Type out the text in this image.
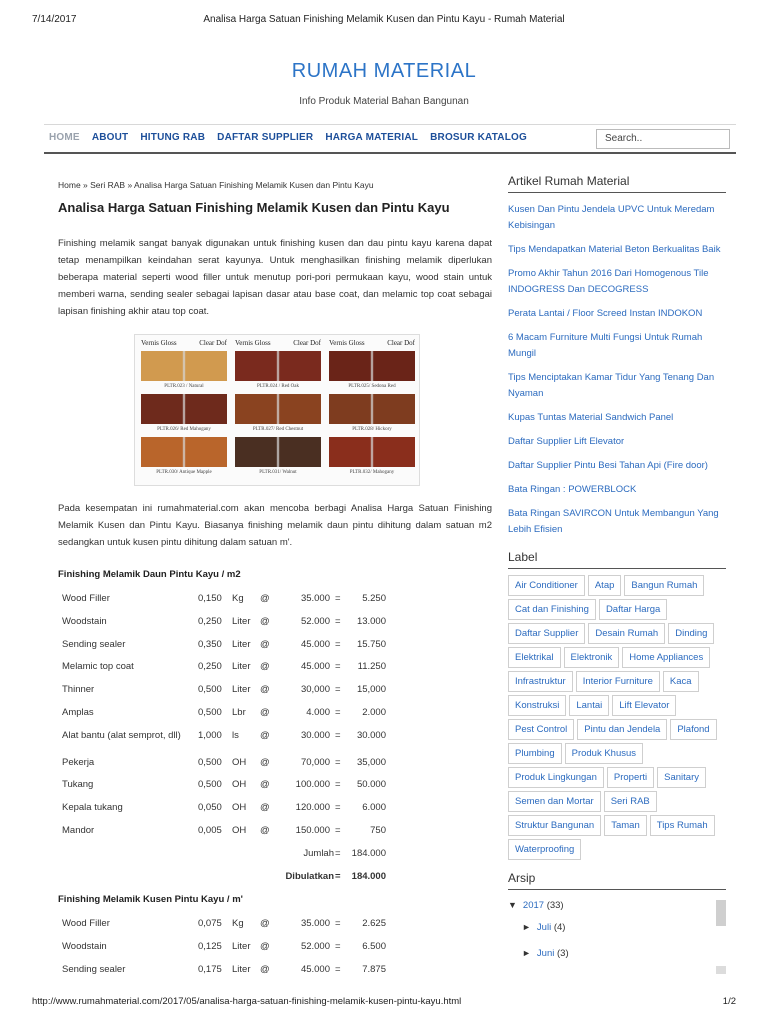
7/14/2017	Analisa Harga Satuan Finishing Melamik Kusen dan Pintu Kayu - Rumah Material
RUMAH MATERIAL
Info Produk Material Bahan Bangunan
HOME ABOUT HITUNG RAB DAFTAR SUPPLIER HARGA MATERIAL BROSUR KATALOG	Search..
Home » Seri RAB » Analisa Harga Satuan Finishing Melamik Kusen dan Pintu Kayu
Analisa Harga Satuan Finishing Melamik Kusen dan Pintu Kayu

Finishing melamik sangat banyak digunakan untuk finishing kusen dan dau pintu kayu karena dapat tetap menampilkan keindahan serat kayunya. Untuk menghasilkan finishing melamik diperlukan beberapa material seperti wood filler untuk menutup pori-pori permukaan kayu, wood stain untuk memberi warna, sending sealer sebagai lapisan dasar atau base coat, dan melamic top coat sebagai lapisan finishing akhir atau top coat.

Vernis Gloss	Clear Dof
PLTR.023 / Natural
PLTR.026/ Red Mahogany
PLTR.030/ Antique Mapple
Vernis Gloss	Clear Dof
PLTR.024 / Red Oak
PLTR.027/ Red Chestnut
PLTR.031/ Walnut
Vernis Gloss	Clear Dof
PLTR.025/ Sedona Red
PLTR.028/ Hickory
PLTR.032/ Mahogany

Pada kesempatan ini rumahmaterial.com akan mencoba berbagi Analisa Harga Satuan Finishing Melamik Kusen dan Pintu Kayu. Biasanya finishing melamik daun pintu dihitung dalam satuan m2 sedangkan untuk kusen pintu dihitung dalam satuan m'.

Finishing Melamik Daun Pintu Kayu / m2
Wood Filler	0,150 Kg @	35.000 =	5.250
Woodstain	0,250 Liter @	52.000 =	13.000
Sending sealer	0,350 Liter @	45.000 =	15.750
Melamic top coat	0,250 Liter @	45.000 =	11.250
Thinner	0,500 Liter @	30,000 =	15,000
Amplas	0,500 Lbr @	4.000 =	2.000
Alat bantu (alat semprot, dll) 1,000 ls @	30.000 =	30.000
Pekerja	0,500 OH @	70,000 =	35,000
Tukang	0,500 OH @	100.000 =	50.000
Kepala tukang	0,050 OH @	120.000 =	6.000
Mandor	0,005 OH @	150.000 =	750
Jumlah =	184.000
Dibulatkan =	184.000
Finishing Melamik Kusen Pintu Kayu / m'
Wood Filler	0,075 Kg @	35.000 =	2.625
Woodstain	0,125 Liter @	52.000 =	6.500
Sending sealer	0,175 Liter @	45.000 =	7.875
Artikel Rumah Material
Kusen Dan Pintu Jendela UPVC Untuk Meredam Kebisingan
Tips Mendapatkan Material Beton Berkualitas Baik
Promo Akhir Tahun 2016 Dari Homogenous Tile INDOGRESS Dan DECOGRESS
Perata Lantai / Floor Screed Instan INDOKON
6 Macam Furniture Multi Fungsi Untuk Rumah Mungil
Tips Menciptakan Kamar Tidur Yang Tenang Dan Nyaman
Kupas Tuntas Material Sandwich Panel
Daftar Supplier Lift Elevator
Daftar Supplier Pintu Besi Tahan Api (Fire door)
Bata Ringan : POWERBLOCK
Bata Ringan SAVIRCON Untuk Membangun Yang Lebih Efisien
Label
Air Conditioner	Atap	Bangun Rumah
Cat dan Finishing	Daftar Harga
Daftar Supplier	Desain Rumah	Dinding
Elektrikal	Elektronik	Home Appliances
Infrastruktur	Interior Furniture	Kaca
Konstruksi	Lantai	Lift Elevator
Pest Control	Pintu dan Jendela	Plafond
Plumbing	Produk Khusus
Produk Lingkungan	Properti	Sanitary
Semen dan Mortar	Seri RAB
Struktur Bangunan	Taman	Tips Rumah
Waterproofing
Arsip
▼ 2017 (33)
► Juli (4)
► Juni (3)
http://www.rumahmaterial.com/2017/05/analisa-harga-satuan-finishing-melamik-kusen-pintu-kayu.html	1/2
